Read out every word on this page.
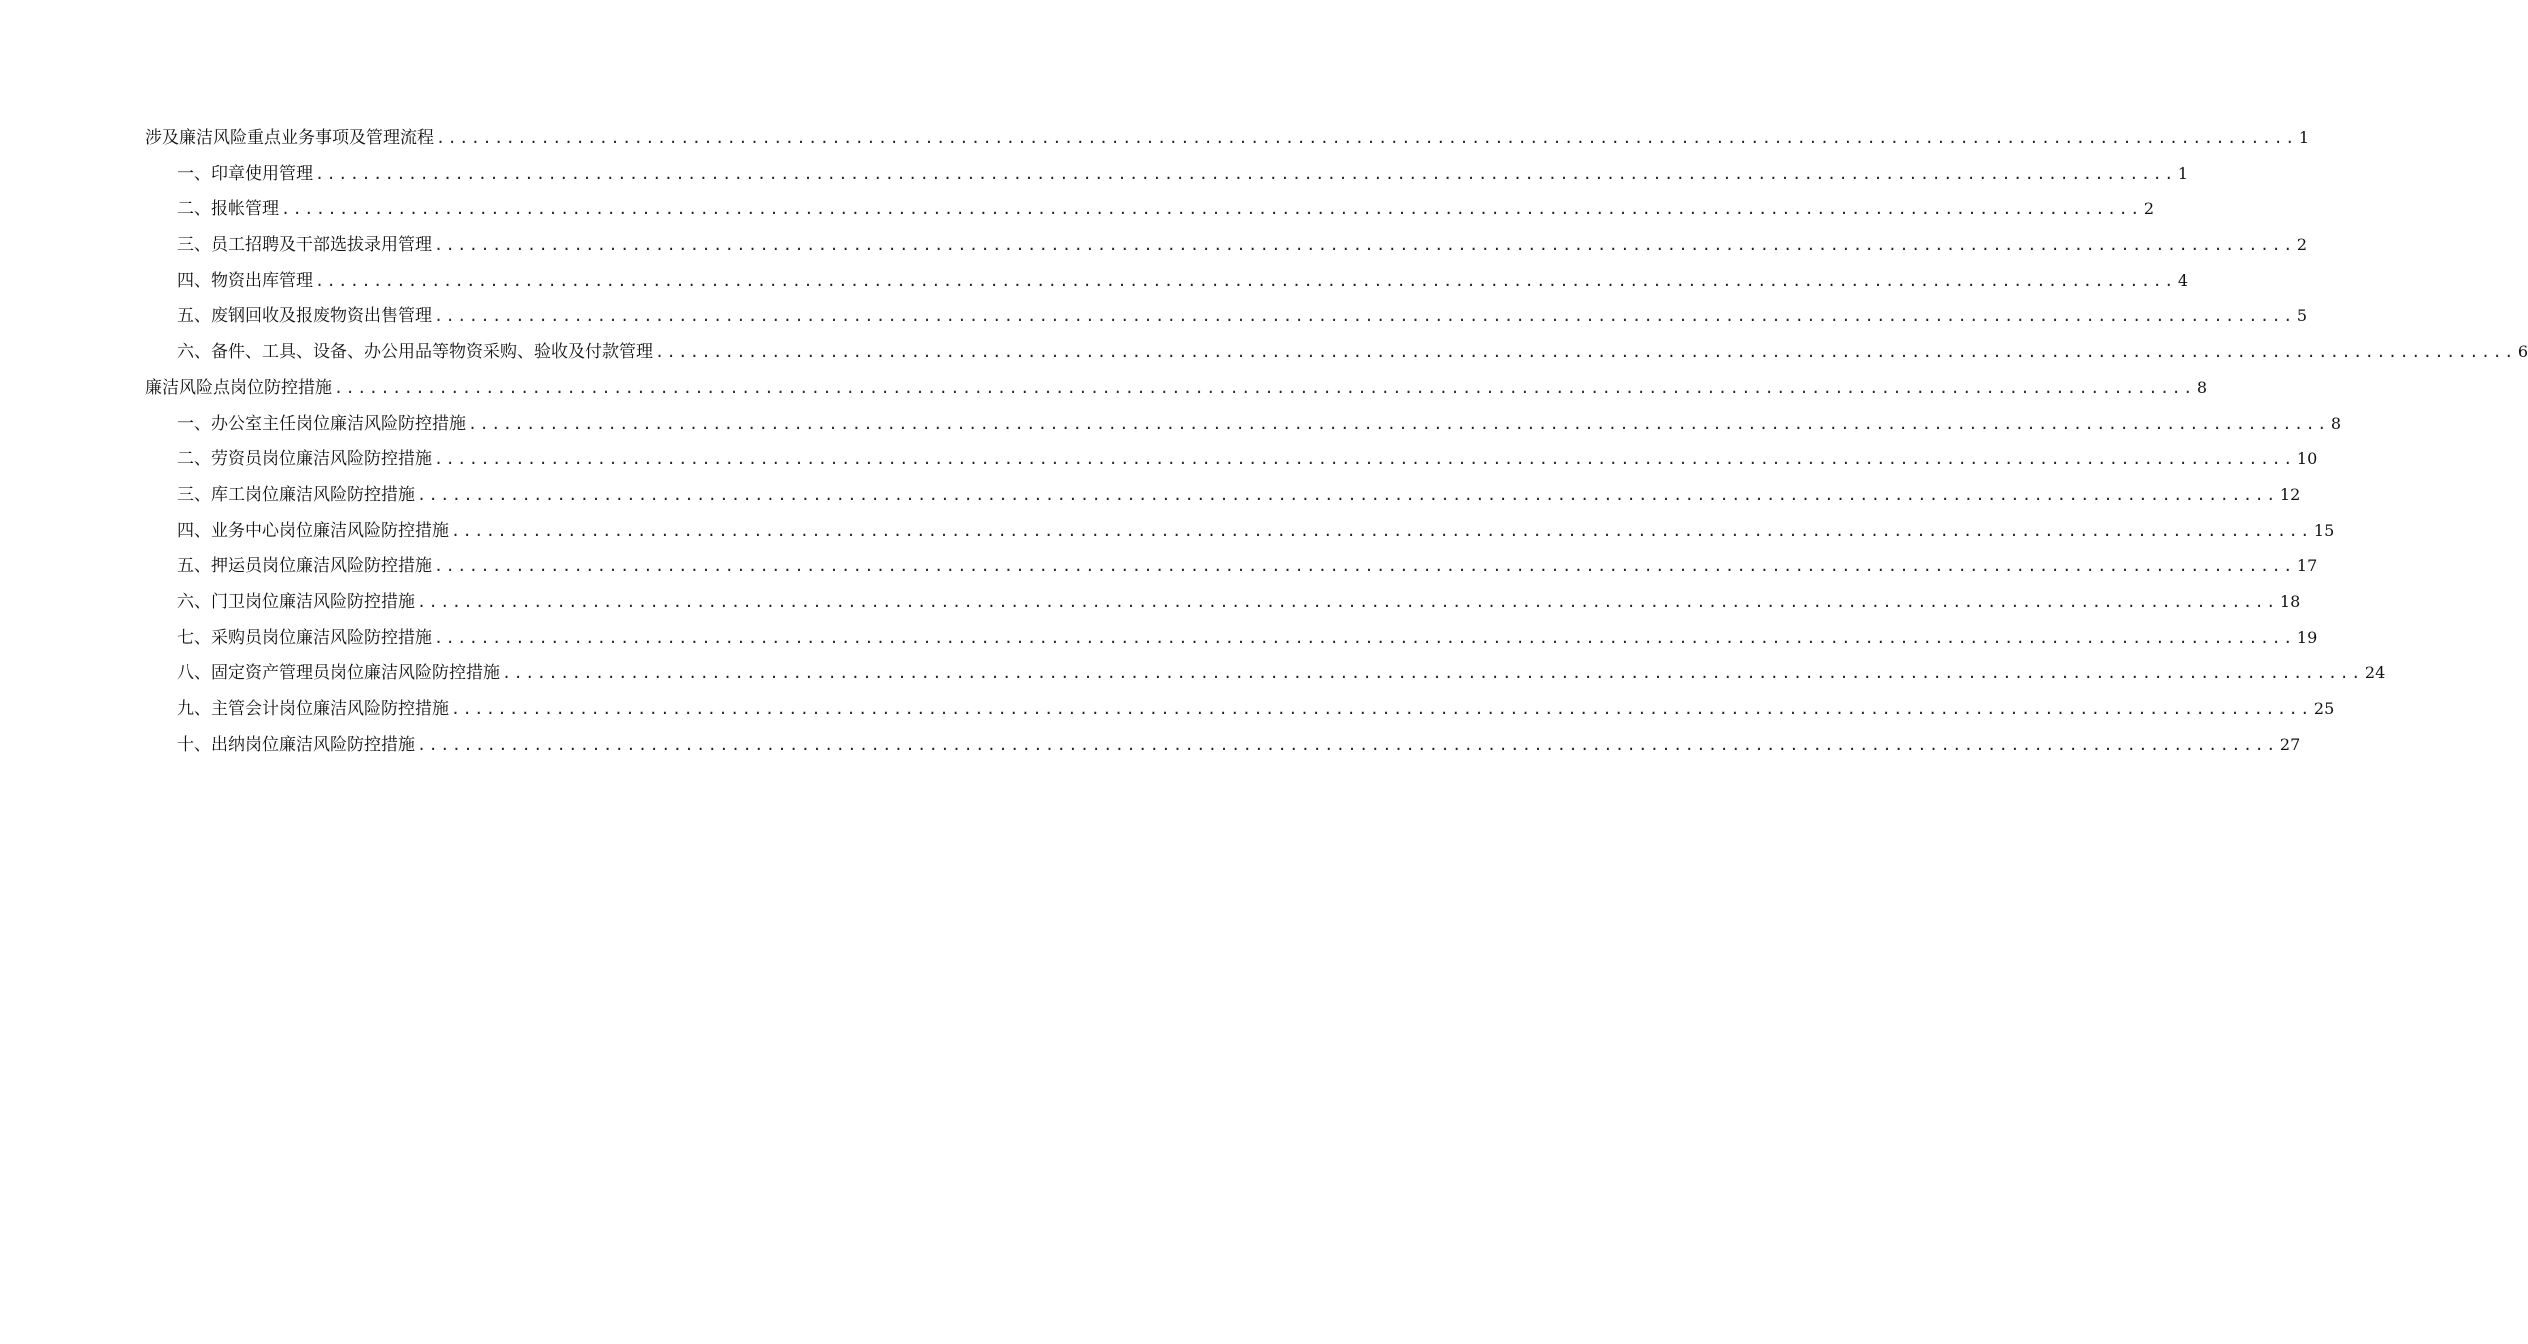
涉及廉洁风险重点业务事项及管理流程 ................................................................................................................................................................ 1
一、印章使用管理 ................................................................................................................................................................ 1
二、报帐管理 ................................................................................................................................................................ 2
三、员工招聘及干部选拔录用管理 ................................................................................................................................................................ 2
四、物资出库管理 ................................................................................................................................................................ 4
五、废钢回收及报废物资出售管理 ................................................................................................................................................................ 5
六、备件、工具、设备、办公用品等物资采购、验收及付款管理 ................................................................................................................................................................ 6
廉洁风险点岗位防控措施 ................................................................................................................................................................ 8
一、办公室主任岗位廉洁风险防控措施 ................................................................................................................................................................ 8
二、劳资员岗位廉洁风险防控措施 ................................................................................................................................................................ 10
三、库工岗位廉洁风险防控措施 ................................................................................................................................................................ 12
四、业务中心岗位廉洁风险防控措施 ................................................................................................................................................................ 15
五、押运员岗位廉洁风险防控措施 ................................................................................................................................................................ 17
六、门卫岗位廉洁风险防控措施 ................................................................................................................................................................ 18
七、采购员岗位廉洁风险防控措施 ................................................................................................................................................................ 19
八、固定资产管理员岗位廉洁风险防控措施 ................................................................................................................................................................ 24
九、主管会计岗位廉洁风险防控措施 ................................................................................................................................................................ 25
十、出纳岗位廉洁风险防控措施 ................................................................................................................................................................ 27
